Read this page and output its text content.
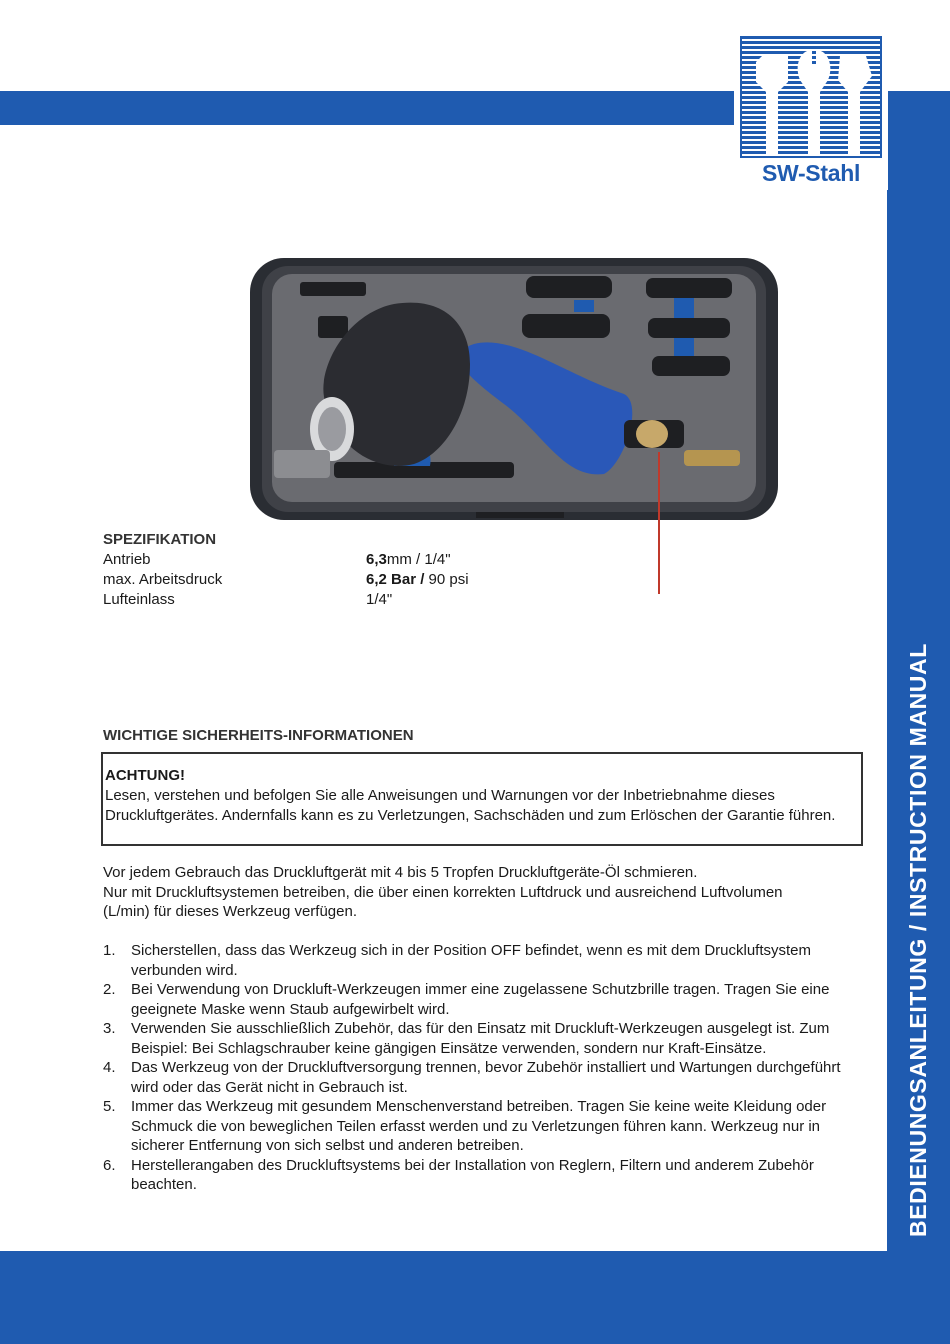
BEDIENUNGSANLEITUNG / INSTRUCTION MANUAL
SW-Stahl
SPEZIFIKATION
Antrieb	6,3mm / 1/4"
max. Arbeitsdruck	6,2 Bar / 90 psi
Lufteinlass	1/4"
WICHTIGE SICHERHEITS-INFORMATIONEN
ACHTUNG!
Lesen, verstehen und befolgen Sie alle Anweisungen und Warnungen vor der Inbetriebnahme dieses Druckluftgerätes. Andernfalls kann es zu Verletzungen, Sachschäden und zum Erlöschen der Garantie führen.

Vor jedem Gebrauch das Druckluftgerät mit 4 bis 5 Tropfen Druckluftgeräte-Öl schmieren.

Nur mit Druckluftsystemen betreiben, die über einen korrekten Luftdruck und ausreichend Luftvolumen (L/min) für dieses Werkzeug verfügen.

1. Sicherstellen, dass das Werkzeug sich in der Position OFF befindet, wenn es mit dem Druckluftsystem verbunden wird.
2. Bei Verwendung von Druckluft-Werkzeugen immer eine zugelassene Schutzbrille tragen. Tragen Sie eine geeignete Maske wenn Staub aufgewirbelt wird.
3. Verwenden Sie ausschließlich Zubehör, das für den Einsatz mit Druckluft-Werkzeugen ausgelegt ist. Zum Beispiel: Bei Schlagschrauber keine gängigen Einsätze verwenden, sondern nur Kraft-Einsätze.
4. Das Werkzeug von der Druckluftversorgung trennen, bevor Zubehör installiert und Wartungen durchgeführt wird oder das Gerät nicht in Gebrauch ist.
5. Immer das Werkzeug mit gesundem Menschenverstand betreiben. Tragen Sie keine weite Kleidung oder Schmuck die von beweglichen Teilen erfasst werden und zu Verletzungen führen kann. Werkzeug nur in sicherer Entfernung von sich selbst und anderen betreiben.
6. Herstellerangaben des Druckluftsystems bei der Installation von Reglern, Filtern und anderem Zubehör beachten.
